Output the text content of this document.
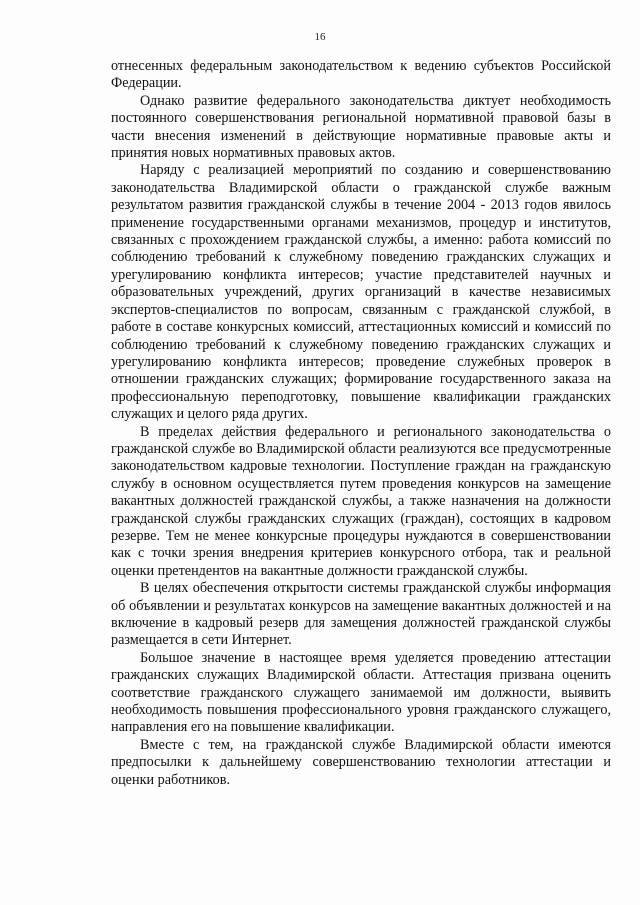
16

отнесенных федеральным законодательством к ведению субъектов Российской Федерации.

Однако развитие федерального законодательства диктует необходимость постоянного совершенствования региональной нормативной правовой базы в части внесения изменений в действующие нормативные правовые акты и принятия новых нормативных правовых актов.

Наряду с реализацией мероприятий по созданию и совершенствованию законодательства Владимирской области о гражданской службе важным результатом развития гражданской службы в течение 2004 - 2013 годов явилось применение государственными органами механизмов, процедур и институтов, связанных с прохождением гражданской службы, а именно: работа комиссий по соблюдению требований к служебному поведению гражданских служащих и урегулированию конфликта интересов; участие представителей научных и образовательных учреждений, других организаций в качестве независимых экспертов-специалистов по вопросам, связанным с гражданской службой, в работе в составе конкурсных комиссий, аттестационных комиссий и комиссий по соблюдению требований к служебному поведению гражданских служащих и урегулированию конфликта интересов; проведение служебных проверок в отношении гражданских служащих; формирование государственного заказа на профессиональную переподготовку, повышение квалификации гражданских служащих и целого ряда других.

В пределах действия федерального и регионального законодательства о гражданской службе во Владимирской области реализуются все предусмотренные законодательством кадровые технологии. Поступление граждан на гражданскую службу в основном осуществляется путем проведения конкурсов на замещение вакантных должностей гражданской службы, а также назначения на должности гражданской службы гражданских служащих (граждан), состоящих в кадровом резерве. Тем не менее конкурсные процедуры нуждаются в совершенствовании как с точки зрения внедрения критериев конкурсного отбора, так и реальной оценки претендентов на вакантные должности гражданской службы.

В целях обеспечения открытости системы гражданской службы информация об объявлении и результатах конкурсов на замещение вакантных должностей и на включение в кадровый резерв для замещения должностей гражданской службы размещается в сети Интернет.

Большое значение в настоящее время уделяется проведению аттестации гражданских служащих Владимирской области. Аттестация призвана оценить соответствие гражданского служащего занимаемой им должности, выявить необходимость повышения профессионального уровня гражданского служащего, направления его на повышение квалификации.

Вместе с тем, на гражданской службе Владимирской области имеются предпосылки к дальнейшему совершенствованию технологии аттестации и оценки работников.
